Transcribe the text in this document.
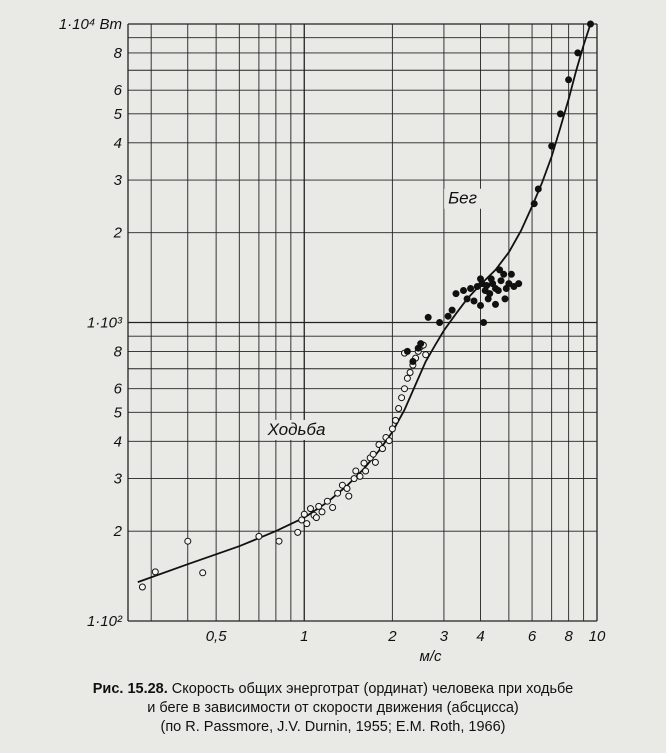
1·10²
2
3
4
5
6
8
1·10³
2
3
4
5
6
8
1·10⁴ Вт
0,5	1	2	3 4	6 8 10
м/с
Ходьба
Бег
Рис. 15.28. Скорость общих энерготрат (ординат) человека при ходьбе
и беге в зависимости от скорости движения (абсцисса)
(по R. Passmore, J.V. Durnin, 1955; E.M. Roth, 1966)
